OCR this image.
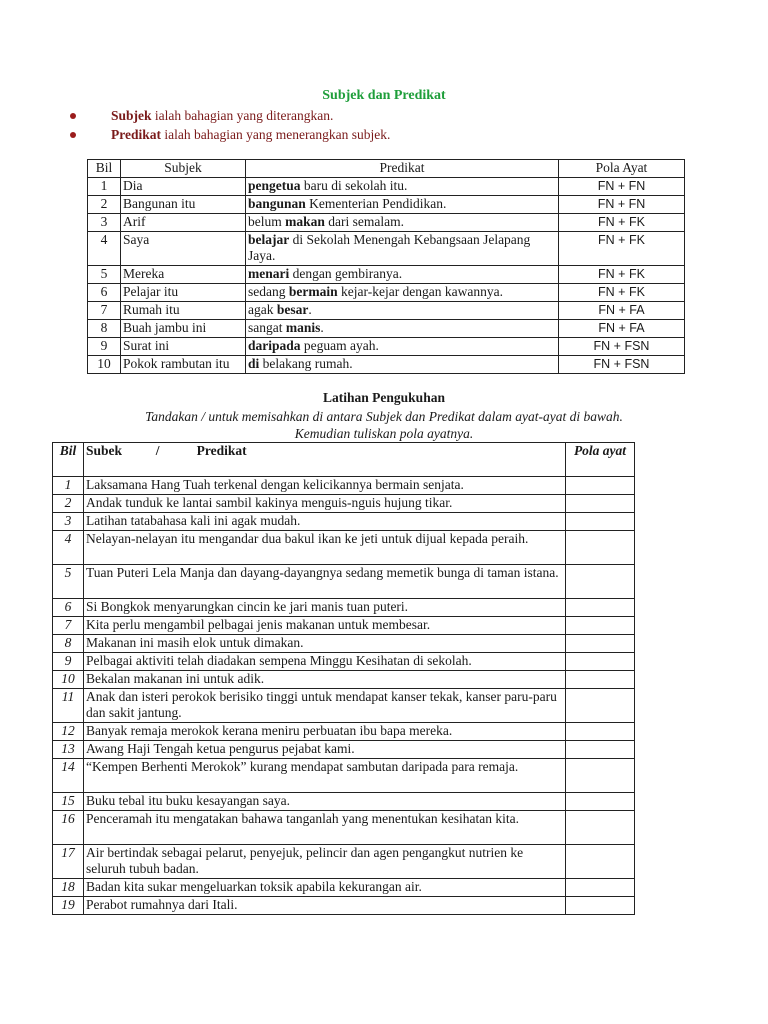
Subjek dan Predikat
Subjek ialah bahagian yang diterangkan.
Predikat ialah bahagian yang menerangkan subjek.
Bil	Subjek	Predikat	Pola Ayat
1	Dia	pengetua baru di sekolah itu.	FN + FN
2	Bangunan itu	bangunan Kementerian Pendidikan.	FN + FN
3	Arif	belum makan dari semalam.	FN + FK
4	Saya	belajar di Sekolah Menengah Kebangsaan Jelapang Jaya.	FN + FK
5	Mereka	menari dengan gembiranya.	FN + FK
6	Pelajar itu	sedang bermain kejar-kejar dengan kawannya.	FN + FK
7	Rumah itu	agak besar.	FN + FA
8	Buah jambu ini	sangat manis.	FN + FA
9	Surat ini	daripada peguam ayah.	FN + FSN
10	Pokok rambutan itu	di belakang rumah.	FN + FSN
Latihan Pengukuhan
Tandakan / untuk memisahkan di antara Subjek dan Predikat dalam ayat-ayat di bawah.
Kemudian tuliskan pola ayatnya.
Bil	Subek          /           Predikat	Pola ayat
1	Laksamana Hang Tuah terkenal dengan kelicikannya bermain senjata.	
2	Andak tunduk ke lantai sambil kakinya menguis-nguis hujung tikar.	
3	Latihan tatabahasa kali ini agak mudah.	
4	Nelayan-nelayan itu mengandar dua bakul ikan ke jeti untuk dijual kepada peraih.	
5	Tuan Puteri Lela Manja dan dayang-dayangnya sedang memetik bunga di taman istana.	
6	Si Bongkok menyarungkan cincin ke jari manis tuan puteri.	
7	Kita perlu mengambil pelbagai jenis makanan untuk membesar.	
8	Makanan ini masih elok untuk dimakan.	
9	Pelbagai aktiviti telah diadakan sempena Minggu Kesihatan di sekolah.	
10	Bekalan makanan ini untuk adik.	
11	Anak dan isteri perokok berisiko tinggi untuk mendapat kanser tekak, kanser paru-paru dan sakit jantung.	
12	Banyak remaja merokok kerana meniru perbuatan ibu bapa mereka.	
13	Awang Haji Tengah ketua pengurus pejabat kami.	
14	“Kempen Berhenti Merokok” kurang mendapat sambutan daripada para remaja.	
15	Buku tebal itu buku kesayangan saya.	
16	Penceramah itu mengatakan bahawa tanganlah yang menentukan kesihatan kita.	
17	Air bertindak sebagai pelarut, penyejuk, pelincir dan agen pengangkut nutrien ke seluruh tubuh badan.	
18	Badan kita sukar mengeluarkan toksik apabila kekurangan air.	
19	Perabot rumahnya dari Itali.	
